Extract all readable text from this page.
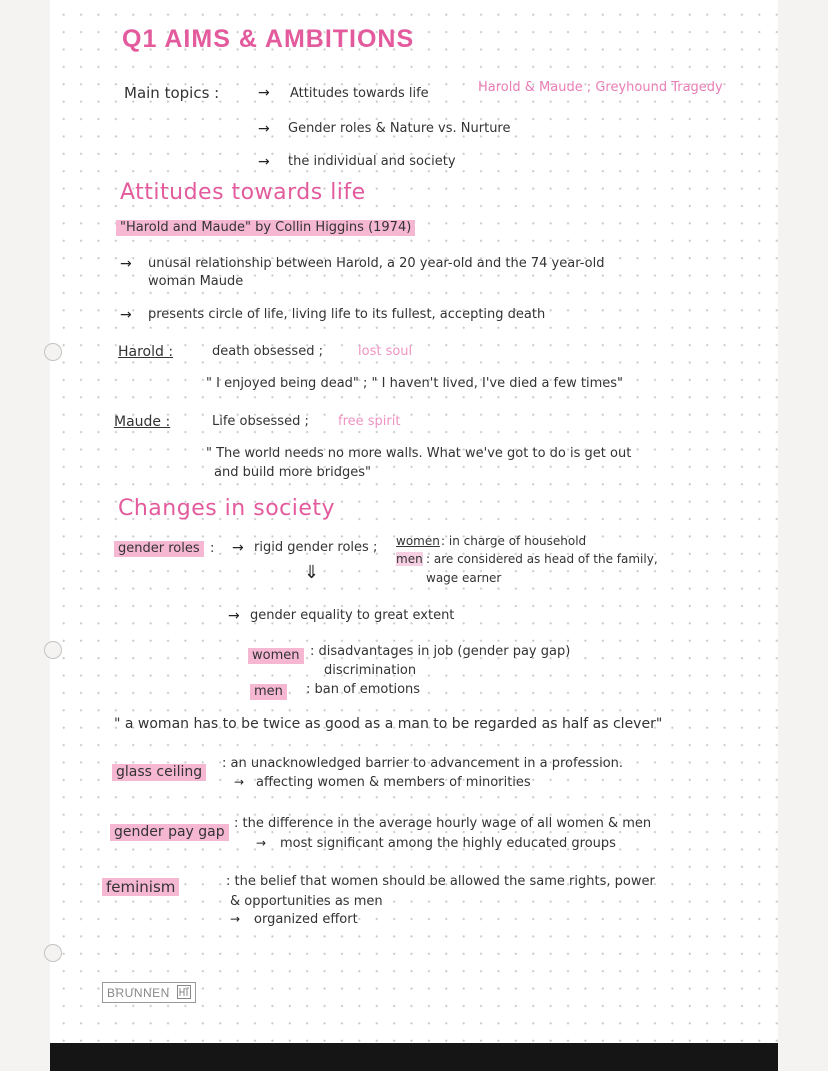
Q1 AIMS & AMBITIONS
Main topics :	→ Attitudes towards life	Harold & Maude ; Greyhound Tragedy
→ Gender roles & Nature vs. Nurture
→ the individual and society
Attitudes towards life
"Harold and Maude" by Collin Higgins (1974)
→ unusal relationship between Harold, a 20 year-old and the 74 year-old
woman Maude
→ presents circle of life, living life to its fullest, accepting death
Harold :	death obsessed ;	lost soul
" I enjoyed being dead" ; " I haven't lived, I've died a few times"
Maude :	Life obsessed ; free spirit
" The world needs no more walls. What we've got to do is get out
and build more bridges"
Changes in society
gender roles : → rigid gender roles ; women : in charge of household
men : are considered as head of the family,
wage earner
⇓
→ gender equality to great extent
women : disadvantages in job (gender pay gap)
discrimination
men	: ban of emotions
" a woman has to be twice as good as a man to be regarded as half as clever"
glass ceiling
: an unacknowledged barrier to advancement in a profession.
→ affecting women & members of minorities
gender pay gap
: the difference in the average hourly wage of all women & men
→ most significant among the highly educated groups
feminism	: the belief that women should be allowed the same rights, power
& opportunities as men
→ organized effort
BRUNNEN
